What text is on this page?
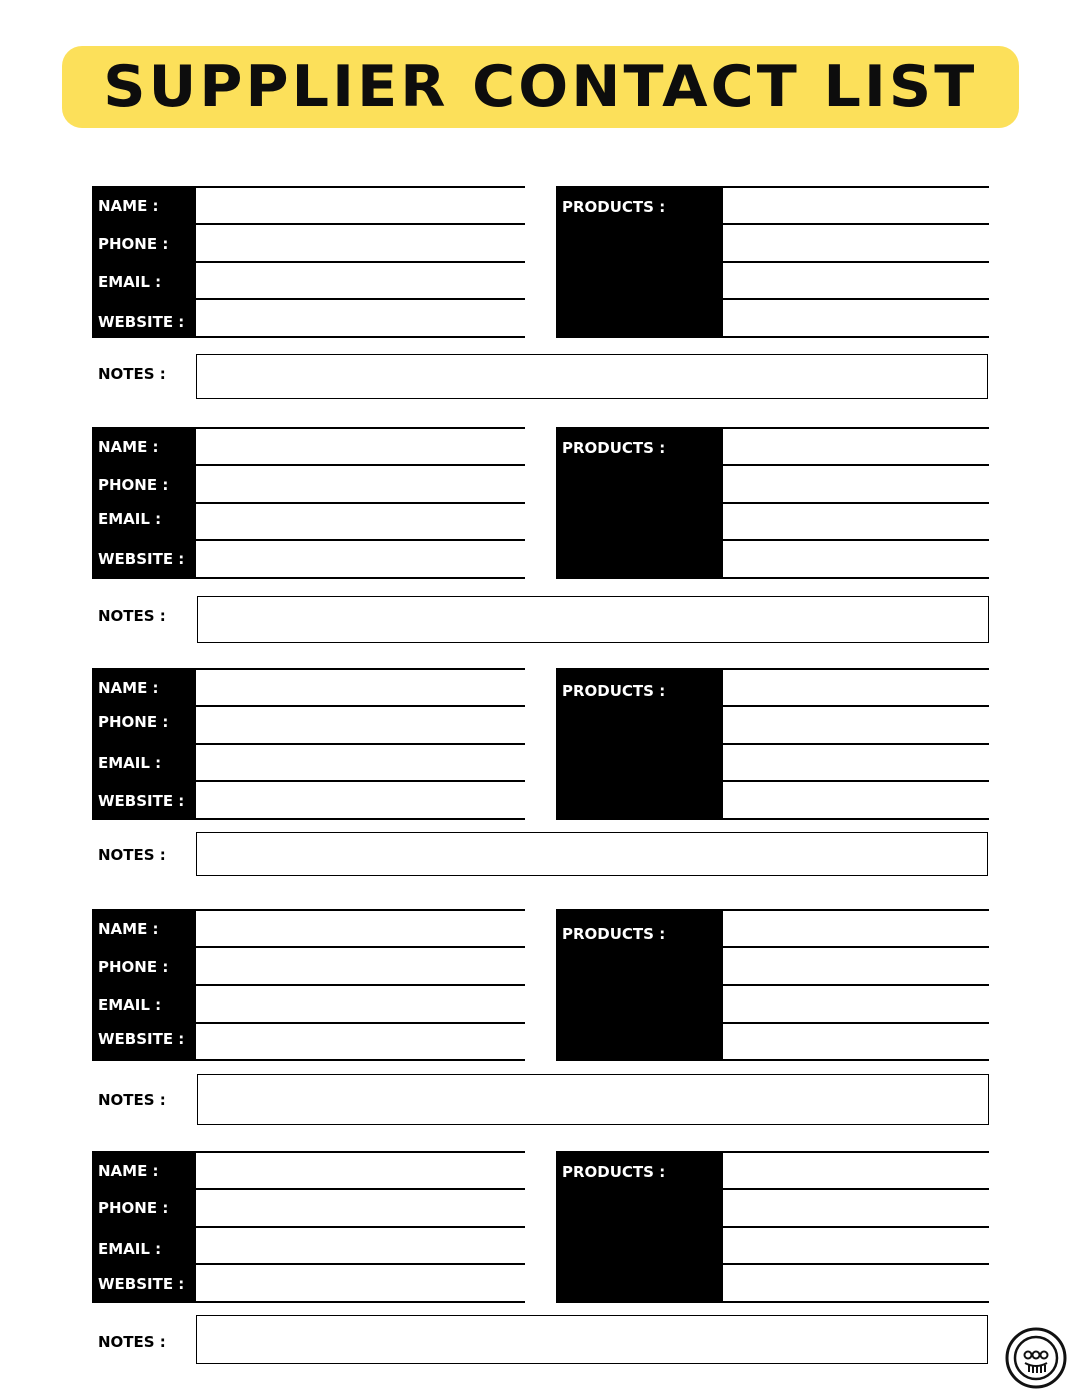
SUPPLIER CONTACT LIST
NAME :
PHONE :
EMAIL :
WEBSITE :
PRODUCTS :
NOTES :
NAME :
PHONE :
EMAIL :
WEBSITE :
PRODUCTS :
NOTES :
NAME :
PHONE :
EMAIL :
WEBSITE :
PRODUCTS :
NOTES :
NAME :
PHONE :
EMAIL :
WEBSITE :
PRODUCTS :
NOTES :
NAME :
PHONE :
EMAIL :
WEBSITE :
PRODUCTS :
NOTES :
